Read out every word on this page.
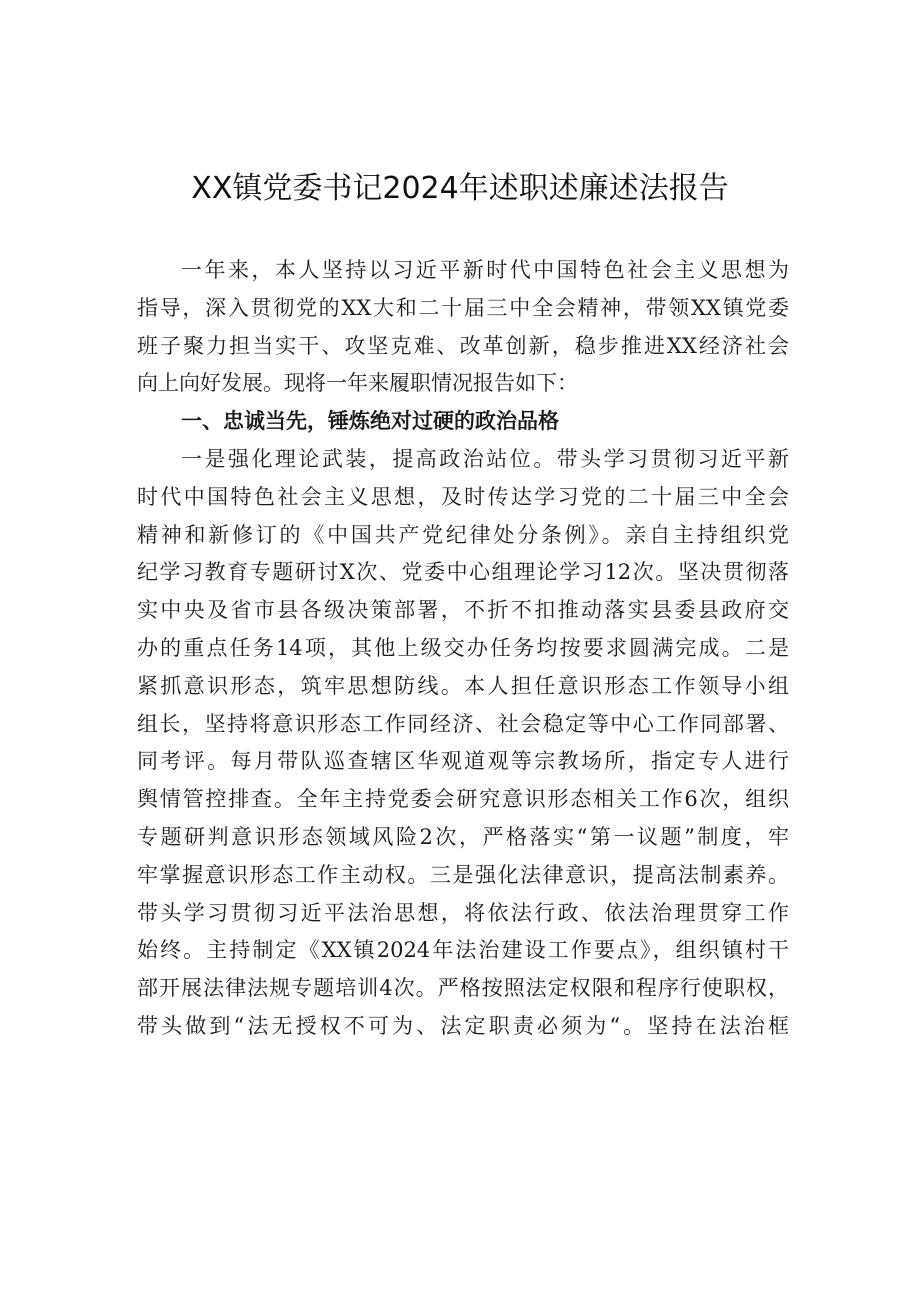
XX镇党委书记2024年述职述廉述法报告
一年来，本人坚持以习近平新时代中国特色社会主义思想为
指导，深入贯彻党的XX大和二十届三中全会精神，带领XX镇党委
班子聚力担当实干、攻坚克难、改革创新，稳步推进XX经济社会
向上向好发展。现将一年来履职情况报告如下：
一、忠诚当先，锤炼绝对过硬的政治品格
一是强化理论武装，提高政治站位。带头学习贯彻习近平新
时代中国特色社会主义思想，及时传达学习党的二十届三中全会
精神和新修订的《中国共产党纪律处分条例》。亲自主持组织党
纪学习教育专题研讨X次、党委中心组理论学习12次。坚决贯彻落
实中央及省市县各级决策部署，不折不扣推动落实县委县政府交
办的重点任务14项，其他上级交办任务均按要求圆满完成。二是
紧抓意识形态，筑牢思想防线。本人担任意识形态工作领导小组
组长，坚持将意识形态工作同经济、社会稳定等中心工作同部署、
同考评。每月带队巡查辖区华观道观等宗教场所，指定专人进行
舆情管控排查。全年主持党委会研究意识形态相关工作6次，组织
专题研判意识形态领域风险2次，严格落实“第一议题”制度，牢
牢掌握意识形态工作主动权。三是强化法律意识，提高法制素养。
带头学习贯彻习近平法治思想，将依法行政、依法治理贯穿工作
始终。主持制定《XX镇2024年法治建设工作要点》，组织镇村干
部开展法律法规专题培训4次。严格按照法定权限和程序行使职权，
带头做到“法无授权不可为、法定职责必须为“。坚持在法治框
